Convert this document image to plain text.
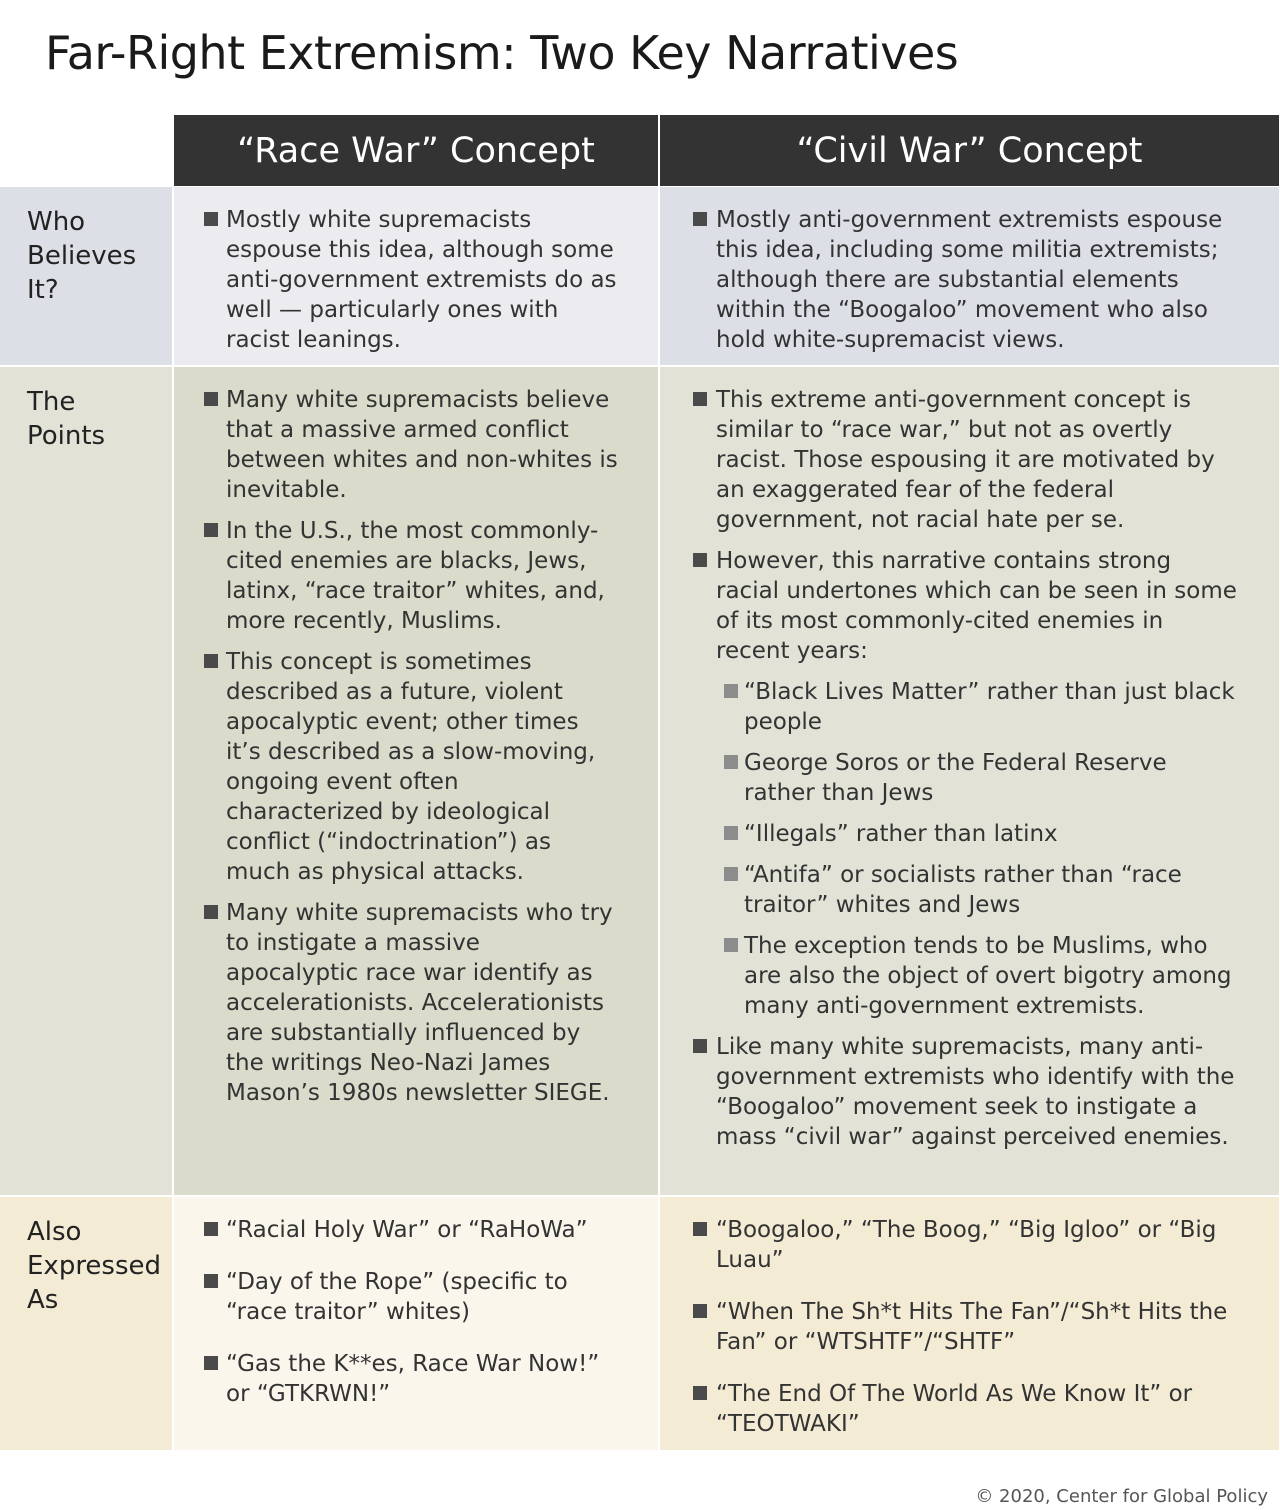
Far-Right Extremism: Two Key Narratives
“Race War” Concept	“Civil War” Concept
Who
Believes
It?
Mostly white supremacists espouse this idea, although some anti-government extremists do as well — particularly ones with racist leanings.
Mostly anti-government extremists espouse this idea, including some militia extremists; although there are substantial elements within the “Boogaloo” movement who also hold white-supremacist views.
The
Points
Many white supremacists believe that a massive armed conflict between whites and non-whites is inevitable.
In the U.S., the most commonly-cited enemies are blacks, Jews, latinx, “race traitor” whites, and, more recently, Muslims.
This concept is sometimes described as a future, violent apocalyptic event; other times it’s described as a slow-moving, ongoing event often characterized by ideological conflict (“indoctrination”) as much as physical attacks.
Many white supremacists who try to instigate a massive apocalyptic race war identify as accelerationists. Accelerationists are substantially influenced by the writings Neo-Nazi James Mason’s 1980s newsletter SIEGE.
This extreme anti-government concept is similar to “race war,” but not as overtly racist. Those espousing it are motivated by an exaggerated fear of the federal government, not racial hate per se.
However, this narrative contains strong racial undertones which can be seen in some of its most commonly-cited enemies in recent years:
“Black Lives Matter” rather than just black people
George Soros or the Federal Reserve rather than Jews
“Illegals” rather than latinx
“Antifa” or socialists rather than “race traitor” whites and Jews
The exception tends to be Muslims, who are also the object of overt bigotry among many anti-government extremists.
Like many white supremacists, many anti-government extremists who identify with the “Boogaloo” movement seek to instigate a mass “civil war” against perceived enemies.
Also
Expressed
As
“Racial Holy War” or “RaHoWa”
“Day of the Rope” (specific to “race traitor” whites)
“Gas the K**es, Race War Now!” or “GTKRWN!”
“Boogaloo,” “The Boog,” “Big Igloo” or “Big Luau”
“When The Sh*t Hits The Fan”/“Sh*t Hits the Fan” or “WTSHTF”/“SHTF”
“The End Of The World As We Know It” or “TEOTWAKI”
© 2020, Center for Global Policy
